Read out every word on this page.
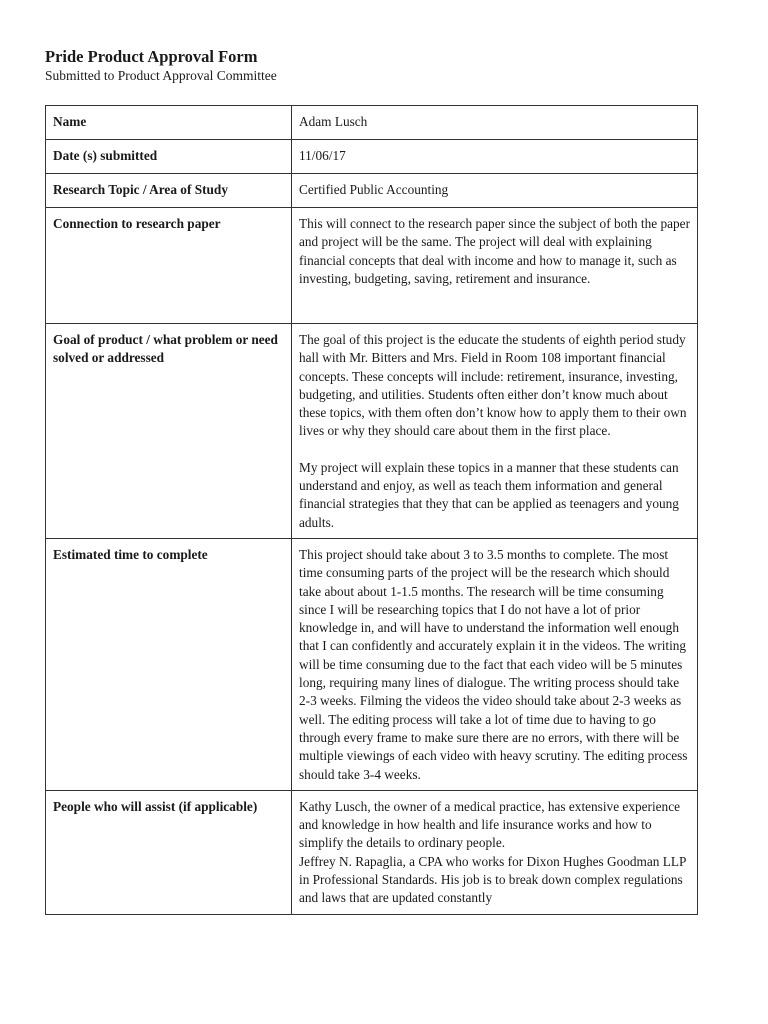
Pride Product Approval Form

Submitted to Product Approval Committee

Name	Adam Lusch
Date (s) submitted	11/06/17
Research Topic / Area of Study	Certified Public Accounting
Connection to research paper	This will connect to the research paper since the subject of both the paper and project will be the same. The project will deal with explaining financial concepts that deal with income and how to manage it, such as investing, budgeting, saving, retirement and insurance.
Goal of product / what problem or need solved or addressed	The goal of this project is the educate the students of eighth period study hall with Mr. Bitters and Mrs. Field in Room 108 important financial concepts. These concepts will include: retirement, insurance, investing, budgeting, and utilities. Students often either don’t know much about these topics, with them often don’t know how to apply them to their own lives or why they should care about them in the first place.

My project will explain these topics in a manner that these students can understand and enjoy, as well as teach them information and general financial strategies that they that can be applied as teenagers and young adults.

Estimated time to complete	This project should take about 3 to 3.5 months to complete. The most time consuming parts of the project will be the research which should take about about 1-1.5 months. The research will be time consuming since I will be researching topics that I do not have a lot of prior knowledge in, and will have to understand the information well enough that I can confidently and accurately explain it in the videos. The writing will be time consuming due to the fact that each video will be 5 minutes long, requiring many lines of dialogue. The writing process should take 2-3 weeks. Filming the videos the video should take about 2-3 weeks as well. The editing process will take a lot of time due to having to go through every frame to make sure there are no errors, with there will be multiple viewings of each video with heavy scrutiny. The editing process should take 3-4 weeks.
People who will assist (if applicable)	Kathy Lusch, the owner of a medical practice, has extensive experience and knowledge in how health and life insurance works and how to simplify the details to ordinary people.

Jeffrey N. Rapaglia, a CPA who works for Dixon Hughes Goodman LLP in Professional Standards. His job is to break down complex regulations and laws that are updated constantly
